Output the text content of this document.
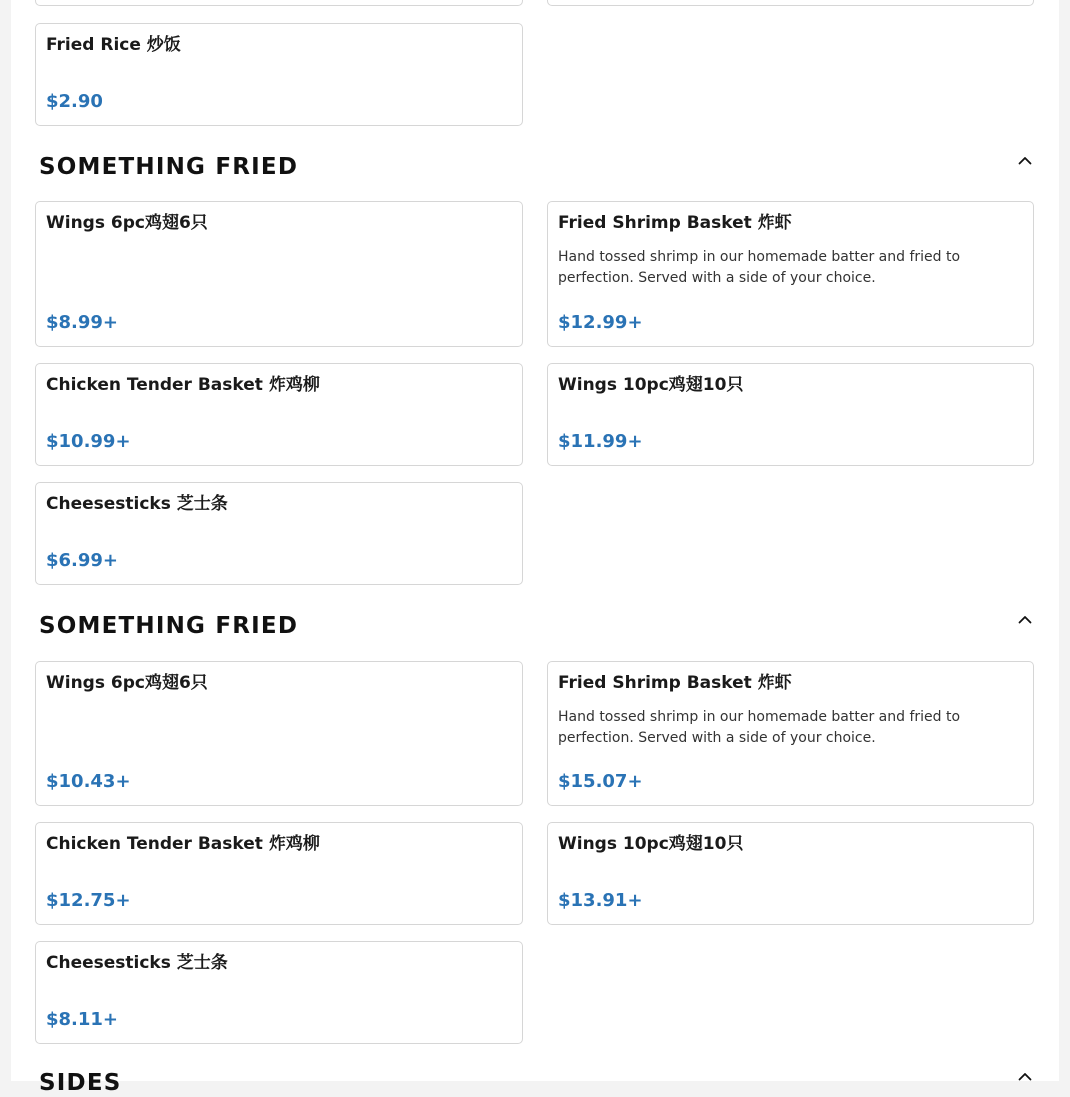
Fried Rice 炒饭
$2.90
SOMETHING FRIED
Wings 6pc鸡翅6只
$8.99+
Fried Shrimp Basket 炸虾
Hand tossed shrimp in our homemade batter and fried to perfection. Served with a side of your choice.
$12.99+
Chicken Tender Basket 炸鸡柳
$10.99+
Wings 10pc鸡翅10只
$11.99+
Cheesesticks 芝士条
$6.99+
SOMETHING FRIED
Wings 6pc鸡翅6只
$10.43+
Fried Shrimp Basket 炸虾
Hand tossed shrimp in our homemade batter and fried to perfection. Served with a side of your choice.
$15.07+
Chicken Tender Basket 炸鸡柳
$12.75+
Wings 10pc鸡翅10只
$13.91+
Cheesesticks 芝士条
$8.11+
SIDES
